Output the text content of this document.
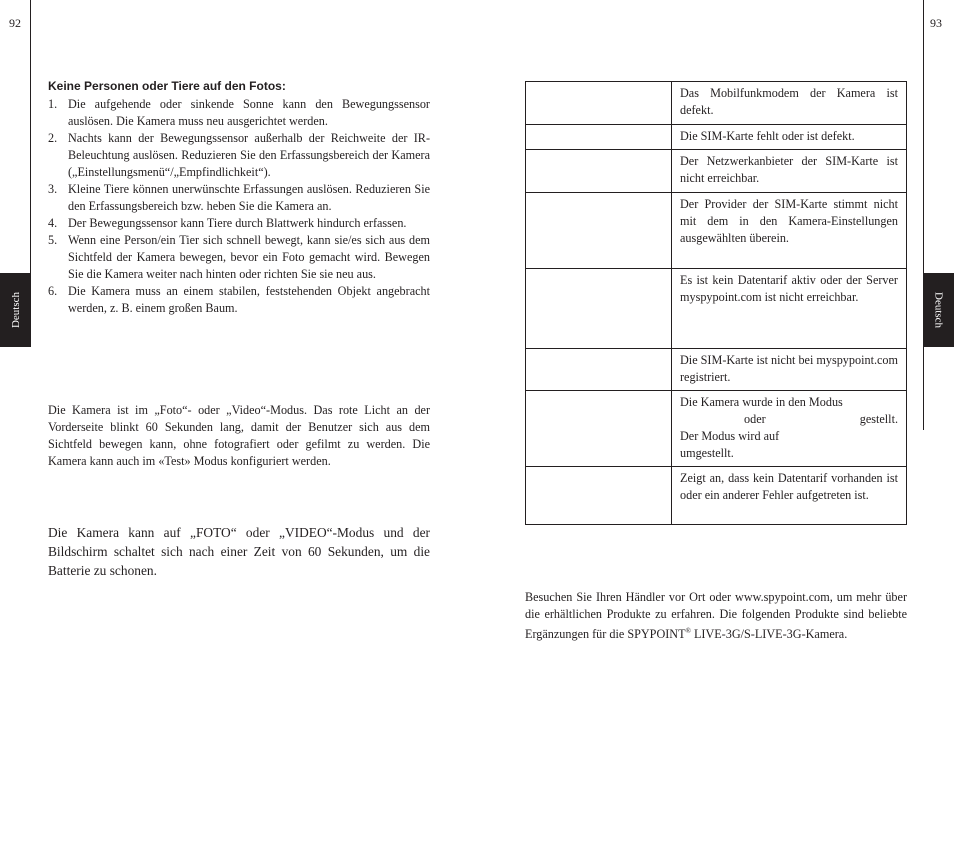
92
Deutsch
Keine Personen oder Tiere auf den Fotos:
1. Die aufgehende oder sinkende Sonne kann den Bewegungssensor auslösen. Die Kamera muss neu ausgerichtet werden.
2. Nachts kann der Bewegungssensor außerhalb der Reichweite der IR-Beleuchtung auslösen. Reduzieren Sie den Erfassungsbereich der Kamera („Einstellungsmenü“/„Empfindlichkeit“).
3. Kleine Tiere können unerwünschte Erfassungen auslösen. Reduzieren Sie den Erfassungsbereich bzw. heben Sie die Kamera an.
4. Der Bewegungssensor kann Tiere durch Blattwerk hindurch erfassen.
5. Wenn eine Person/ein Tier sich schnell bewegt, kann sie/es sich aus dem Sichtfeld der Kamera bewegen, bevor ein Foto gemacht wird. Bewegen Sie die Kamera weiter nach hinten oder richten Sie sie neu aus.
6. Die Kamera muss an einem stabilen, feststehenden Objekt angebracht werden, z. B. einem großen Baum.

Die Kamera ist im „Foto“- oder „Video“-Modus. Das rote Licht an der Vorderseite blinkt 60 Sekunden lang, damit der Benutzer sich aus dem Sichtfeld bewegen kann, ohne fotografiert oder gefilmt zu werden. Die Kamera kann auch im «Test» Modus konfiguriert werden.

Die Kamera kann auf „FOTO“ oder „VIDEO“-Modus und der Bildschirm schaltet sich nach einer Zeit von 60 Sekunden, um die Batterie zu schonen.

93
Deutsch
	Das Mobilfunkmodem der Kamera ist defekt.
	Die SIM-Karte fehlt oder ist defekt.
	Der Netzwerkanbieter der SIM-Karte ist nicht erreichbar.
	Der Provider der SIM-Karte stimmt nicht mit dem in den Kamera-Einstellungen ausgewählten überein.
	Es ist kein Datentarif aktiv oder der Server myspypoint.com ist nicht erreichbar.
	Die SIM-Karte ist nicht bei myspypoint.com registriert.

	Die Kamera wurde in den Modus
oder gestellt.
Der Modus wird auf
umgestellt.

	Zeigt an, dass kein Datentarif vorhanden ist oder ein anderer Fehler aufgetreten ist.

Besuchen Sie Ihren Händler vor Ort oder www.spypoint.com, um mehr über die erhältlichen Produkte zu erfahren. Die folgenden Produkte sind beliebte Ergänzungen für die SPYPOINT® LIVE-3G/S-LIVE-3G-Kamera.
